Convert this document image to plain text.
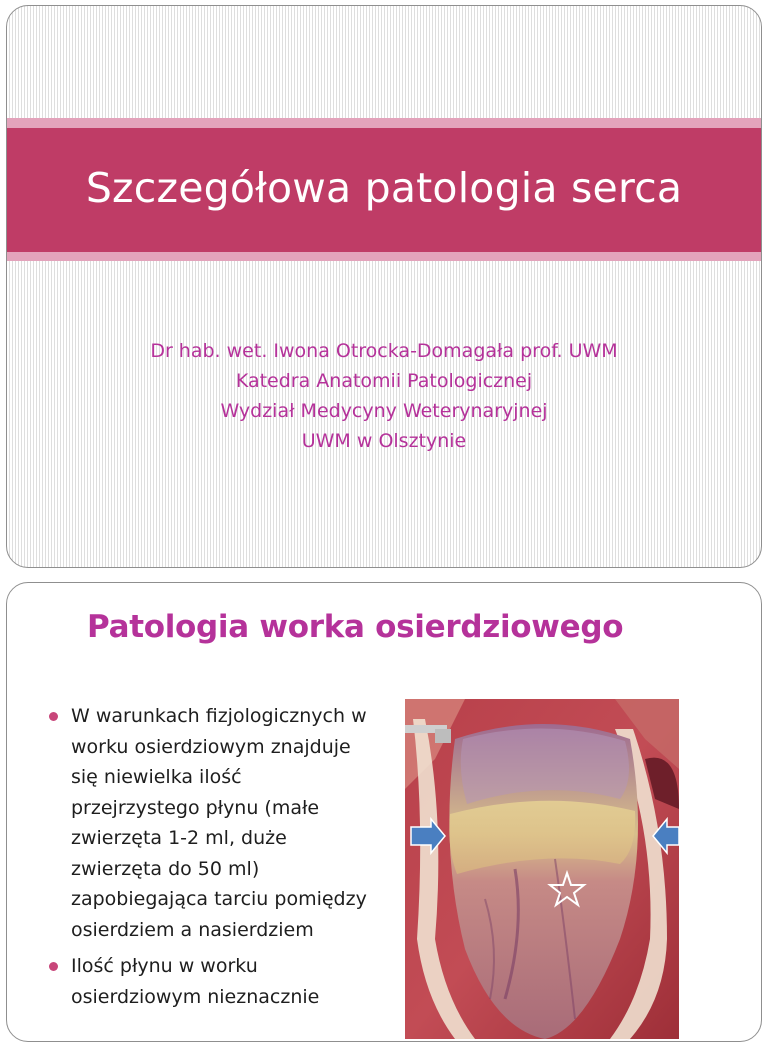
Szczegółowa patologia serca
Dr hab. wet. Iwona Otrocka-Domagała prof. UWM
Katedra Anatomii Patologicznej
Wydział Medycyny Weterynaryjnej
UWM w Olsztynie
Patologia worka osierdziowego
W warunkach fizjologicznych w worku osierdziowym znajduje się niewielka ilość przejrzystego płynu (małe zwierzęta 1-2 ml, duże zwierzęta do 50 ml) zapobiegająca tarciu pomiędzy osierdziem a nasierdziem
Ilość płynu w worku osierdziowym nieznacznie
